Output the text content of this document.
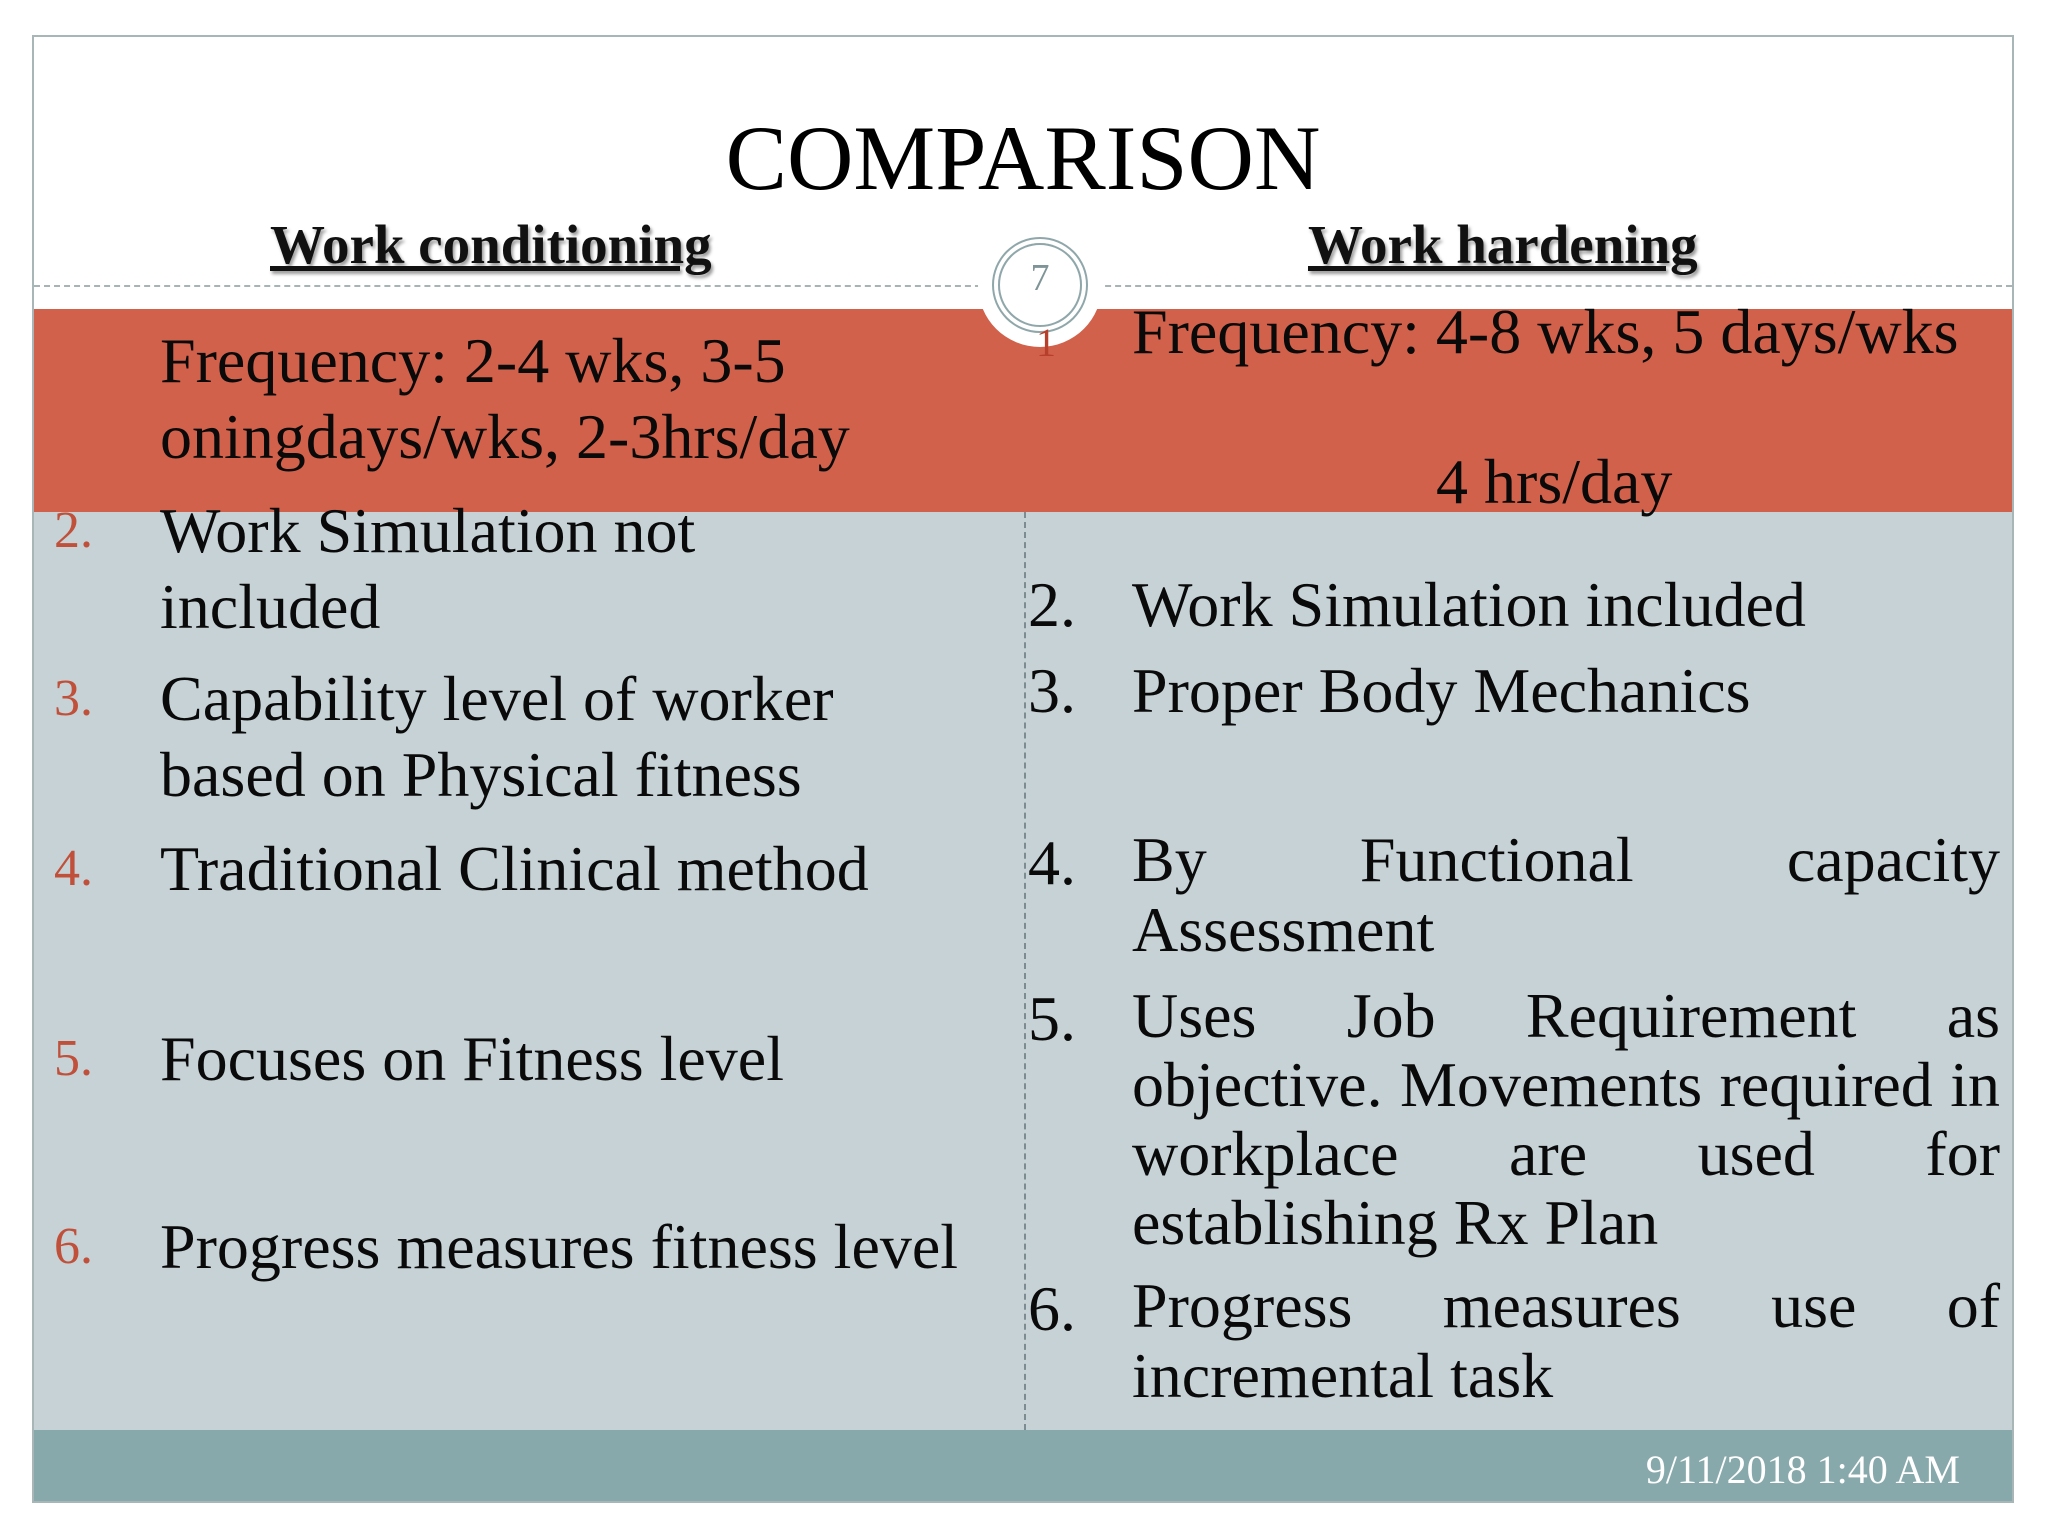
COMPARISON
Work conditioning	Work hardening
7
Frequency: 2-4 wks, 3-5 oningdays/wks, 2-3hrs/day
2. Work Simulation not included
3. Capability level of worker based on Physical fitness
4. Traditional Clinical method
5. Focuses on Fitness level
6. Progress measures fitness level
1 Frequency: 4-8 wks, 5 days/wks
4 hrs/day
2. Work Simulation included
3. Proper Body Mechanics
4. By Functional capacity Assessment
5. Uses Job Requirement as objective. Movements required in workplace are used for establishing Rx Plan
6. Progress measures use of incremental task
9/11/2018 1:40 AM
